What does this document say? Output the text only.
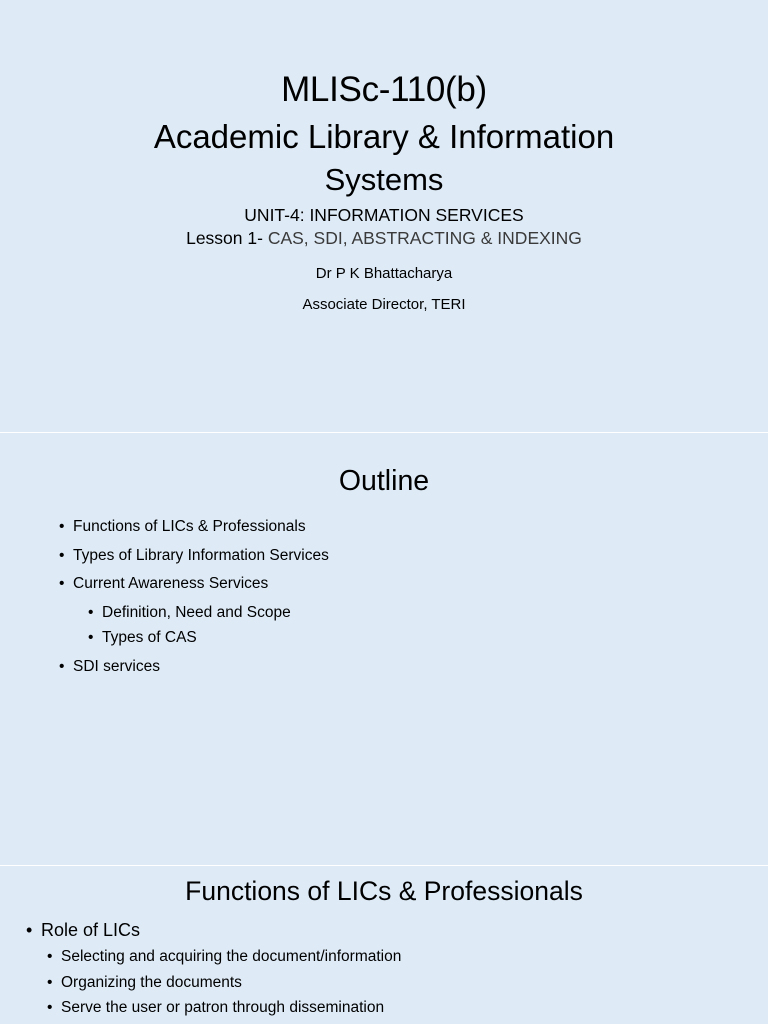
MLISc-110(b)
Academic Library & Information
Systems
UNIT-4: INFORMATION SERVICES
Lesson 1- CAS, SDI, ABSTRACTING & INDEXING
Dr P K Bhattacharya
Associate Director, TERI
Outline
• Functions of LICs & Professionals
• Types of Library Information Services
• Current Awareness Services
• Definition, Need and Scope
• Types of CAS
• SDI services
Functions of LICs & Professionals
• Role of LICs
• Selecting and acquiring the document/information
• Organizing the documents
• Serve the user or patron through dissemination
